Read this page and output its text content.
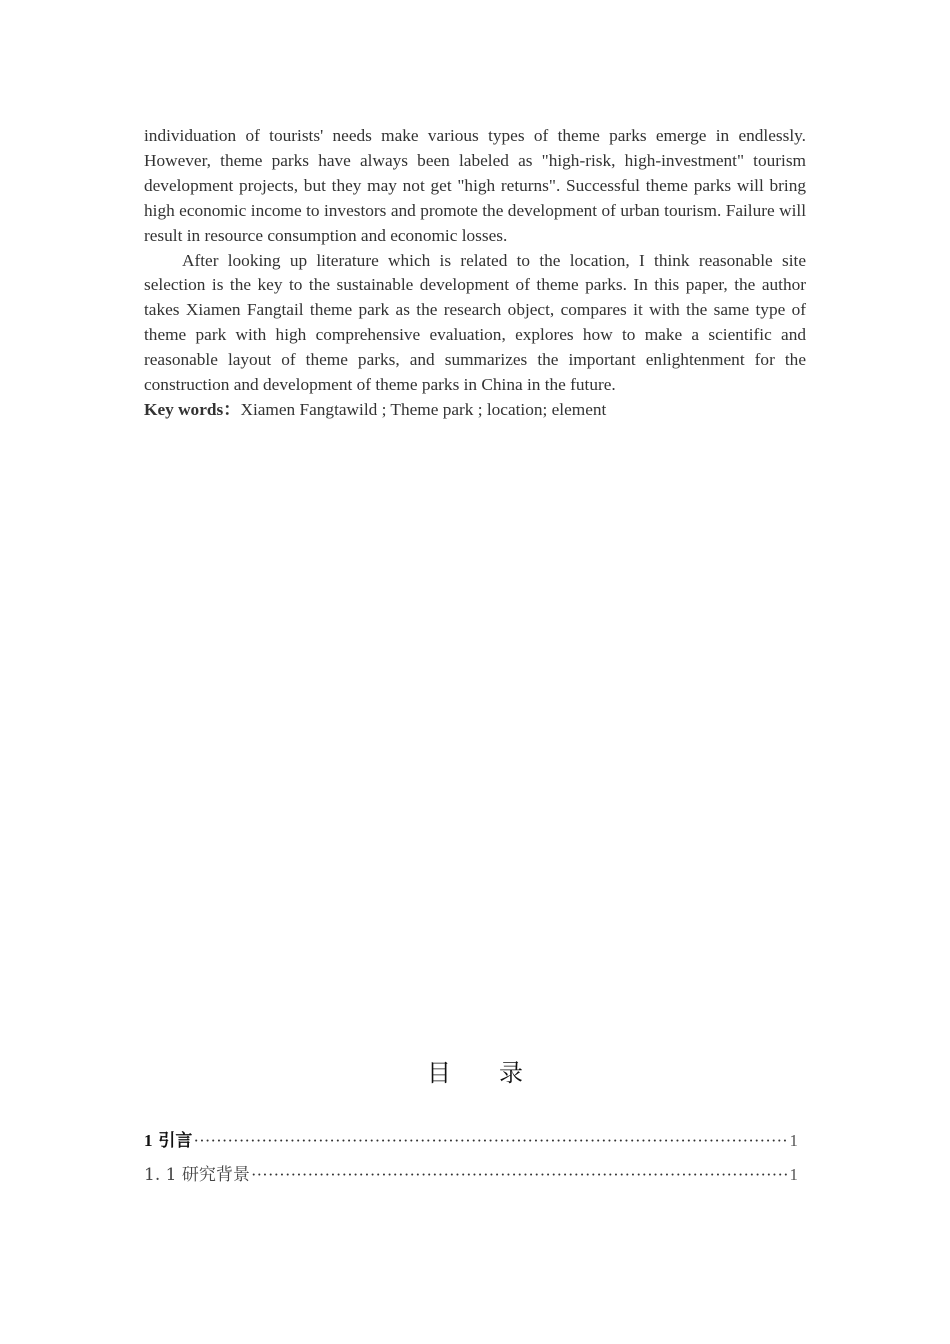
individuation of tourists' needs make various types of theme parks emerge in endlessly. However, theme parks have always been labeled as "high-risk, high-investment" tourism development projects, but they may not get "high returns". Successful theme parks will bring high economic income to investors and promote the development of urban tourism. Failure will result in resource consumption and economic losses.

After looking up literature which is related to the location, I think reasonable site selection is the key to the sustainable development of theme parks. In this paper, the author takes Xiamen Fangtail theme park as the research object, compares it with the same type of theme park with high comprehensive evaluation, explores how to make a scientific and reasonable layout of theme parks, and summarizes the important enlightenment for the construction and development of theme parks in China in the future.

Key words：Xiamen Fangtawild ; Theme park ; location; element

目 录
1 引言 ·····	1
1. 1 研究背景 ·····	1
